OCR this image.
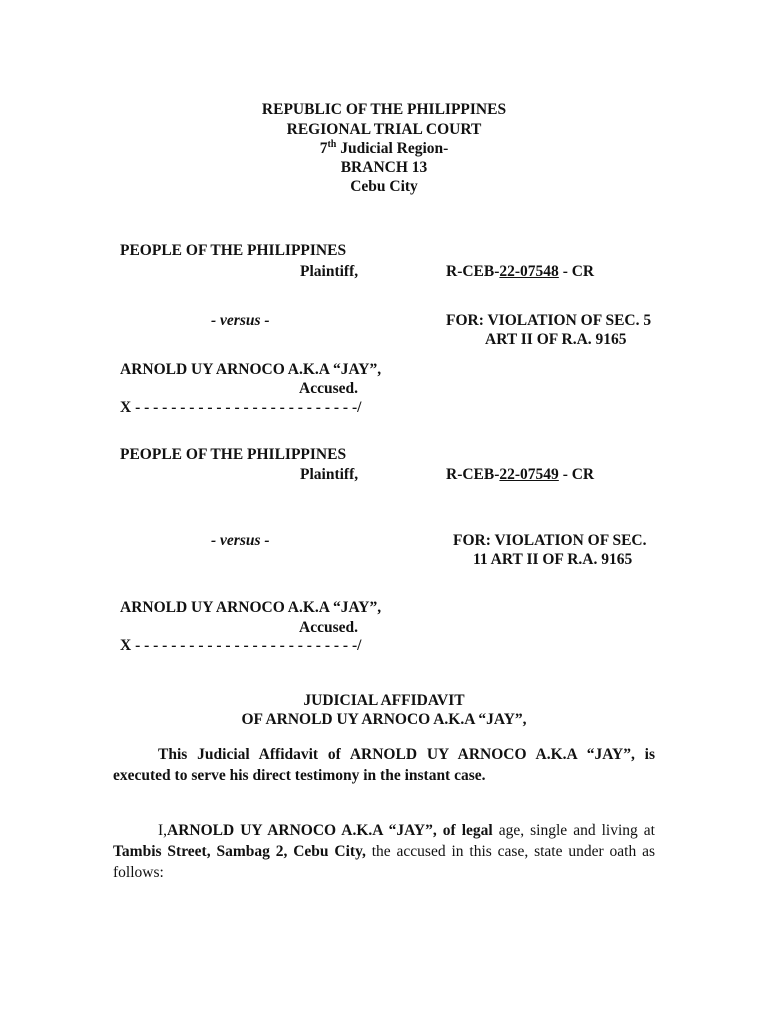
REPUBLIC OF THE PHILIPPINES
REGIONAL TRIAL COURT
7th Judicial Region-
BRANCH 13
Cebu City
PEOPLE OF THE PHILIPPINES
Plaintiff,	R-CEB-22-07548 - CR
- versus -	FOR: VIOLATION OF SEC. 5
ART II OF R.A. 9165
ARNOLD UY ARNOCO A.K.A “JAY”,
Accused.
X - - - - - - - - - - - - - - - - - - - - - - - - -/
PEOPLE OF THE PHILIPPINES
Plaintiff,	R-CEB-22-07549 - CR
- versus -	FOR: VIOLATION OF SEC.
11 ART II OF R.A. 9165
ARNOLD UY ARNOCO A.K.A “JAY”,
Accused.
X - - - - - - - - - - - - - - - - - - - - - - - - -/
JUDICIAL AFFIDAVIT
OF ARNOLD UY ARNOCO A.K.A “JAY”,
This Judicial Affidavit of ARNOLD UY ARNOCO A.K.A “JAY”, is executed to serve his direct testimony in the instant case.
I,ARNOLD UY ARNOCO A.K.A “JAY”, of legal age, single and living at Tambis Street, Sambag 2, Cebu City, the accused in this case, state under oath as follows:
